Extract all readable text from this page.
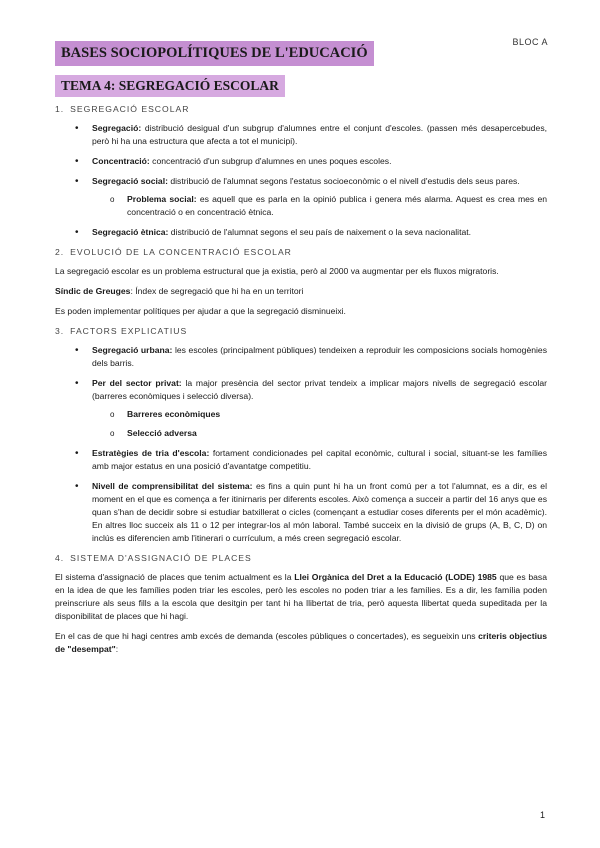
BLOC A
BASES SOCIOPOLÍTIQUES DE L'EDUCACIÓ
TEMA 4: SEGREGACIÓ ESCOLAR
1. SEGREGACIÓ ESCOLAR
• Segregació: distribució desigual d'un subgrup d'alumnes entre el conjunt d'escoles. (passen més desapercebudes, però hi ha una estructura que afecta a tot el municipi).
• Concentració: concentració d'un subgrup d'alumnes en unes poques escoles.
• Segregació social: distribució de l'alumnat segons l'estatus socioeconòmic o el nivell d'estudis dels seus pares.
o Problema social: es aquell que es parla en la opinió publica i genera més alarma. Aquest es crea mes en concentració o en concentració ètnica.
• Segregació ètnica: distribució de l'alumnat segons el seu país de naixement o la seva nacionalitat.
2. EVOLUCIÓ DE LA CONCENTRACIÓ ESCOLAR

La segregació escolar es un problema estructural que ja existia, però al 2000 va augmentar per els fluxos migratoris.

Síndic de Greuges: Índex de segregació que hi ha en un territori

Es poden implementar polítiques per ajudar a que la segregació disminueixi.

3. FACTORS EXPLICATIUS
• Segregació urbana: les escoles (principalment públiques) tendeixen a reproduir les composicions socials homogènies dels barris.
• Per del sector privat: la major presència del sector privat tendeix a implicar majors nivells de segregació escolar (barreres econòmiques i selecció diversa).
o Barreres econòmiques
o Selecció adversa
• Estratègies de tria d'escola: fortament condicionades pel capital econòmic, cultural i social, situant-se les famílies amb major estatus en una posició d'avantatge competitiu.
• Nivell de comprensibilitat del sistema: es fins a quin punt hi ha un front comú per a tot l'alumnat, es a dir, es el moment en el que es comença a fer itinirnaris per diferents escoles. Això comença a succeir a partir del 16 anys que es quan s'han de decidir sobre si estudiar batxillerat o cicles (començant a estudiar coses diferents per el món acadèmic). En altres lloc succeix als 11 o 12 per integrar-los al món laboral. També succeix en la divisió de grups (A, B, C, D) on inclús es diferencien amb l'itinerari o currículum, a més creen segregació escolar.
4. SISTEMA D'ASSIGNACIÓ DE PLACES

El sistema d'assignació de places que tenim actualment es la Llei Orgànica del Dret a la Educació (LODE) 1985 que es basa en la idea de que les famílies poden triar les escoles, però les escoles no poden triar a les famílies. Es a dir, les família poden preinscriure als seus fills a la escola que desitgin per tant hi ha llibertat de tria, però aquesta llibertat queda supeditada per la disponibilitat de places que hi hagi.

En el cas de que hi hagi centres amb excés de demanda (escoles públiques o concertades), es segueixin uns criteris objectius de "desempat":

1
